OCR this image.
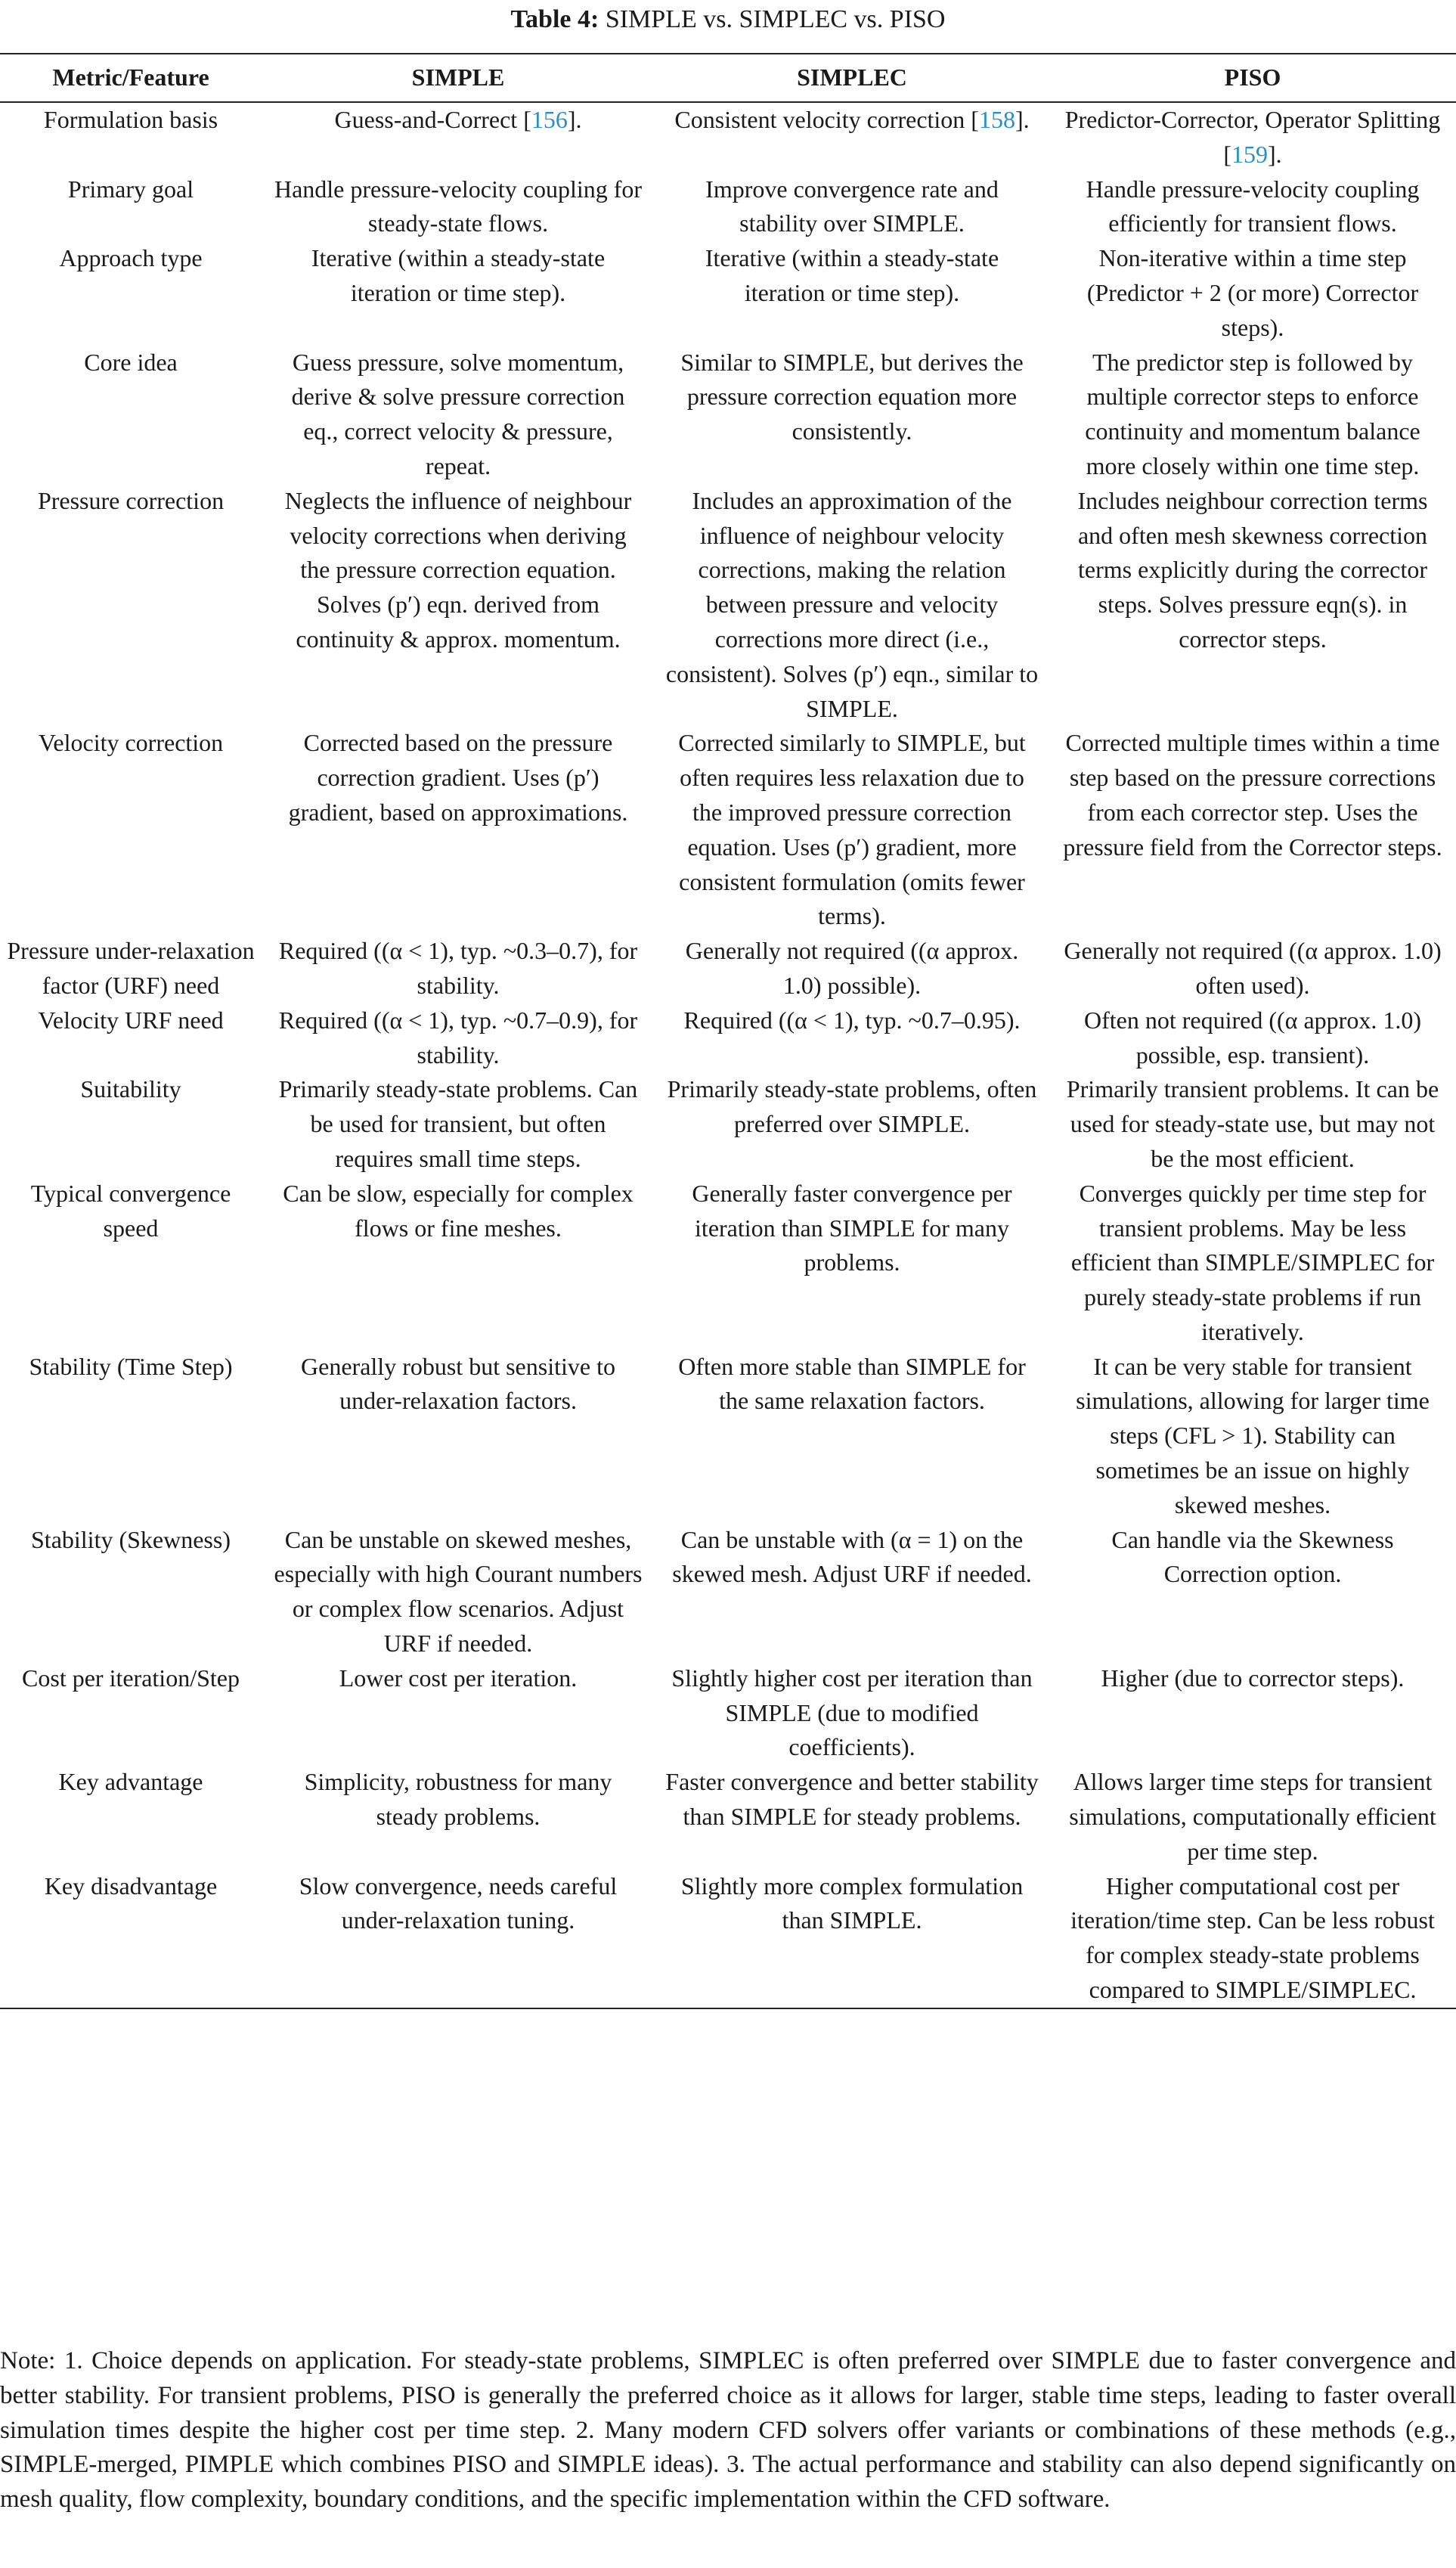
Table 4: SIMPLE vs. SIMPLEC vs. PISO
Metric/Feature	SIMPLE	SIMPLEC	PISO
Formulation basis	Guess-and-Correct [156].	Consistent velocity correction [158].	Predictor-Corrector, Operator Splitting [159].
Primary goal	Handle pressure-velocity coupling for steady-state flows.	Improve convergence rate and stability over SIMPLE.	Handle pressure-velocity coupling efficiently for transient flows.
Approach type	Iterative (within a steady-state iteration or time step).	Iterative (within a steady-state iteration or time step).	Non-iterative within a time step (Predictor + 2 (or more) Corrector steps).
Core idea	Guess pressure, solve momentum, derive & solve pressure correction eq., correct velocity & pressure, repeat.	Similar to SIMPLE, but derives the pressure correction equation more consistently.	The predictor step is followed by multiple corrector steps to enforce continuity and momentum balance more closely within one time step.
Pressure correction	Neglects the influence of neighbour velocity corrections when deriving the pressure correction equation. Solves (p′) eqn. derived from continuity & approx. momentum.	Includes an approximation of the influence of neighbour velocity corrections, making the relation between pressure and velocity corrections more direct (i.e., consistent). Solves (p′) eqn., similar to SIMPLE.	Includes neighbour correction terms and often mesh skewness correction terms explicitly during the corrector steps. Solves pressure eqn(s). in corrector steps.
Velocity correction	Corrected based on the pressure correction gradient. Uses (p′) gradient, based on approximations.	Corrected similarly to SIMPLE, but often requires less relaxation due to the improved pressure correction equation. Uses (p′) gradient, more consistent formulation (omits fewer terms).	Corrected multiple times within a time step based on the pressure corrections from each corrector step. Uses the pressure field from the Corrector steps.
Pressure under-relaxation factor (URF) need	Required ((α < 1), typ. ~0.3–0.7), for stability.	Generally not required ((α approx. 1.0) possible).	Generally not required ((α approx. 1.0) often used).
Velocity URF need	Required ((α < 1), typ. ~0.7–0.9), for stability.	Required ((α < 1), typ. ~0.7–0.95).	Often not required ((α approx. 1.0) possible, esp. transient).
Suitability	Primarily steady-state problems. Can be used for transient, but often requires small time steps.	Primarily steady-state problems, often preferred over SIMPLE.	Primarily transient problems. It can be used for steady-state use, but may not be the most efficient.
Typical convergence speed	Can be slow, especially for complex flows or fine meshes.	Generally faster convergence per iteration than SIMPLE for many problems.	Converges quickly per time step for transient problems. May be less efficient than SIMPLE/SIMPLEC for purely steady-state problems if run iteratively.
Stability (Time Step)	Generally robust but sensitive to under-relaxation factors.	Often more stable than SIMPLE for the same relaxation factors.	It can be very stable for transient simulations, allowing for larger time steps (CFL > 1). Stability can sometimes be an issue on highly skewed meshes.
Stability (Skewness)	Can be unstable on skewed meshes, especially with high Courant numbers or complex flow scenarios. Adjust URF if needed.	Can be unstable with (α = 1) on the skewed mesh. Adjust URF if needed.	Can handle via the Skewness Correction option.
Cost per iteration/Step	Lower cost per iteration.	Slightly higher cost per iteration than SIMPLE (due to modified coefficients).	Higher (due to corrector steps).
Key advantage	Simplicity, robustness for many steady problems.	Faster convergence and better stability than SIMPLE for steady problems.	Allows larger time steps for transient simulations, computationally efficient per time step.
Key disadvantage	Slow convergence, needs careful under-relaxation tuning.	Slightly more complex formulation than SIMPLE.	Higher computational cost per iteration/time step. Can be less robust for complex steady-state problems compared to SIMPLE/SIMPLEC.
Note: 1. Choice depends on application. For steady-state problems, SIMPLEC is often preferred over SIMPLE due to faster convergence and better stability. For transient problems, PISO is generally the preferred choice as it allows for larger, stable time steps, leading to faster overall simulation times despite the higher cost per time step. 2. Many modern CFD solvers offer variants or combinations of these methods (e.g., SIMPLE-merged, PIMPLE which combines PISO and SIMPLE ideas). 3. The actual performance and stability can also depend significantly on mesh quality, flow complexity, boundary conditions, and the specific implementation within the CFD software.
